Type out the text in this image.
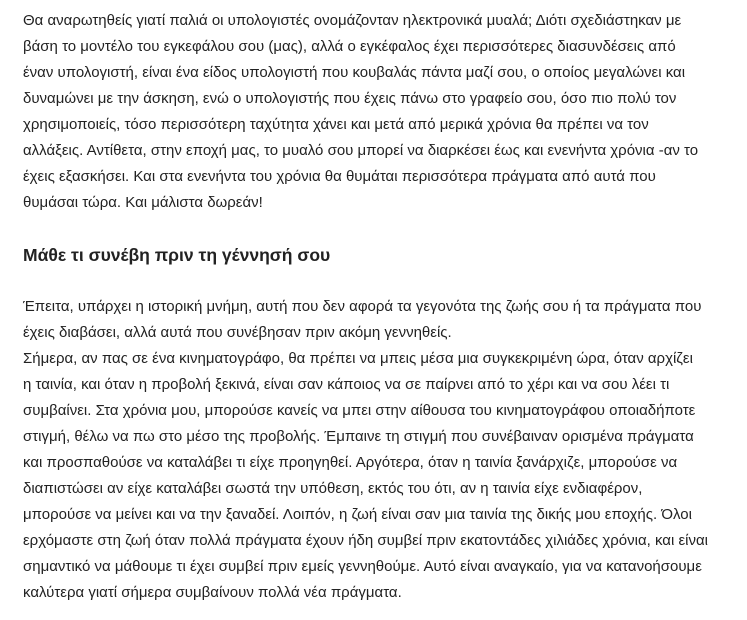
Θα αναρωτηθείς γιατί παλιά οι υπολογιστές ονομάζονταν ηλεκτρονικά μυαλά; Διότι σχεδιάστηκαν με
βάση το μοντέλο του εγκεφάλου σου (μας), αλλά ο εγκέφαλος έχει περισσότερες διασυνδέσεις από
έναν υπολογιστή, είναι ένα είδος υπολογιστή που κουβαλάς πάντα μαζί σου, ο οποίος μεγαλώνει και
δυναμώνει με την άσκηση, ενώ ο υπολογιστής που έχεις πάνω στο γραφείο σου, όσο πιο πολύ τον
χρησιμοποιείς, τόσο περισσότερη ταχύτητα χάνει και μετά από μερικά χρόνια θα πρέπει να τον
αλλάξεις. Αντίθετα, στην εποχή μας, το μυαλό σου μπορεί να διαρκέσει έως και ενενήντα χρόνια -αν το
έχεις εξασκήσει. Και στα ενενήντα του χρόνια θα θυμάται περισσότερα πράγματα από αυτά που
θυμάσαι τώρα. Και μάλιστα δωρεάν!

Μάθε τι συνέβη πριν τη γέννησή σου

Έπειτα, υπάρχει η ιστορική μνήμη, αυτή που δεν αφορά τα γεγονότα της ζωής σου ή τα πράγματα που
έχεις διαβάσει, αλλά αυτά που συνέβησαν πριν ακόμη γεννηθείς.

Σήμερα, αν πας σε ένα κινηματογράφο, θα πρέπει να μπεις μέσα μια συγκεκριμένη ώρα, όταν αρχίζει
η ταινία, και όταν η προβολή ξεκινά, είναι σαν κάποιος να σε παίρνει από το χέρι και να σου λέει τι
συμβαίνει. Στα χρόνια μου, μπορούσε κανείς να μπει στην αίθουσα του κινηματογράφου οποιαδήποτε
στιγμή, θέλω να πω στο μέσο της προβολής. Έμπαινε τη στιγμή που συνέβαιναν ορισμένα πράγματα
και προσπαθούσε να καταλάβει τι είχε προηγηθεί. Αργότερα, όταν η ταινία ξανάρχιζε, μπορούσε να
διαπιστώσει αν είχε καταλάβει σωστά την υπόθεση, εκτός του ότι, αν η ταινία είχε ενδιαφέρον,
μπορούσε να μείνει και να την ξαναδεί. Λοιπόν, η ζωή είναι σαν μια ταινία της δικής μου εποχής. Όλοι
ερχόμαστε στη ζωή όταν πολλά πράγματα έχουν ήδη συμβεί πριν εκατοντάδες χιλιάδες χρόνια, και είναι
σημαντικό να μάθουμε τι έχει συμβεί πριν εμείς γεννηθούμε. Αυτό είναι αναγκαίο, για να κατανοήσουμε
καλύτερα γιατί σήμερα συμβαίνουν πολλά νέα πράγματα.
